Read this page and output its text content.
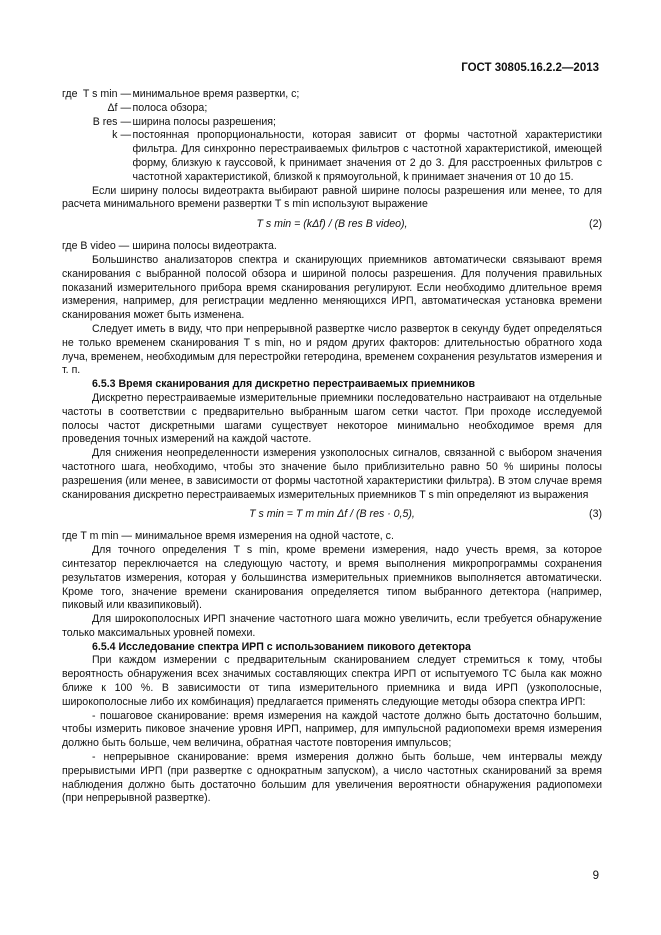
ГОСТ 30805.16.2.2—2013
где	T s min	—	минимальное время развертки, с;
	Δf	—	полоса обзора;
	B res	—	ширина полосы разрешения;
	k	—	постоянная пропорциональности, которая зависит от формы частотной характеристики фильтра. Для синхронно перестраиваемых фильтров с частотной характеристикой, имеющей форму, близкую к гауссовой, k принимает значения от 2 до 3. Для расстроенных фильтров с частотной характеристикой, близкой к прямоугольной, k принимает значения от 10 до 15.

Если ширину полосы видеотракта выбирают равной ширине полосы разрешения или менее, то для расчета минимального времени развертки T s min используют выражение

T s min = (kΔf) / (B res B video),	(2)

где B video — ширина полосы видеотракта.

Большинство анализаторов спектра и сканирующих приемников автоматически связывают время сканирования с выбранной полосой обзора и шириной полосы разрешения. Для получения правильных показаний измерительного прибора время сканирования регулируют. Если необходимо длительное время измерения, например, для регистрации медленно меняющихся ИРП, автоматическая установка времени сканирования может быть изменена.

Следует иметь в виду, что при непрерывной развертке число разверток в секунду будет определяться не только временем сканирования T s min, но и рядом других факторов: длительностью обратного хода луча, временем, необходимым для перестройки гетеродина, временем сохранения результатов измерения и т. п.

6.5.3 Время сканирования для дискретно перестраиваемых приемников

Дискретно перестраиваемые измерительные приемники последовательно настраивают на отдельные частоты в соответствии с предварительно выбранным шагом сетки частот. При проходе исследуемой полосы частот дискретными шагами существует некоторое минимально необходимое время для проведения точных измерений на каждой частоте.

Для снижения неопределенности измерения узкополосных сигналов, связанной с выбором значения частотного шага, необходимо, чтобы это значение было приблизительно равно 50 % ширины полосы разрешения (или менее, в зависимости от формы частотной характеристики фильтра). В этом случае время сканирования дискретно перестраиваемых измерительных приемников T s min определяют из выражения

T s min = T m min Δf / (B res · 0,5),	(3)

где T m min — минимальное время измерения на одной частоте, с.

Для точного определения T s min, кроме времени измерения, надо учесть время, за которое синтезатор переключается на следующую частоту, и время выполнения микропрограммы сохранения результатов измерения, которая у большинства измерительных приемников выполняется автоматически. Кроме того, значение времени сканирования определяется типом выбранного детектора (например, пиковый или квазипиковый).

Для широкополосных ИРП значение частотного шага можно увеличить, если требуется обнаружение только максимальных уровней помехи.

6.5.4 Исследование спектра ИРП с использованием пикового детектора

При каждом измерении с предварительным сканированием следует стремиться к тому, чтобы вероятность обнаружения всех значимых составляющих спектра ИРП от испытуемого ТС была как можно ближе к 100 %. В зависимости от типа измерительного приемника и вида ИРП (узкополосные, широкополосные либо их комбинация) предлагается применять следующие методы обзора спектра ИРП:

- пошаговое сканирование: время измерения на каждой частоте должно быть достаточно большим, чтобы измерить пиковое значение уровня ИРП, например, для импульсной радиопомехи время измерения должно быть больше, чем величина, обратная частоте повторения импульсов;

- непрерывное сканирование: время измерения должно быть больше, чем интервалы между прерывистыми ИРП (при развертке с однократным запуском), а число частотных сканирований за время наблюдения должно быть достаточно большим для увеличения вероятности обнаружения радиопомехи (при непрерывной развертке).

9
